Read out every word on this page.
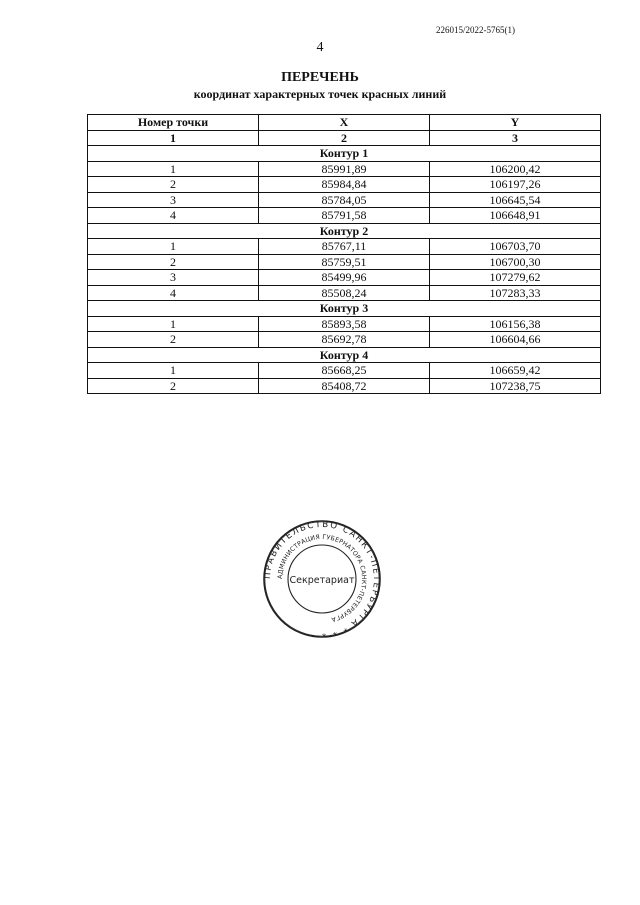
226015/2022-5765(1)
4
ПЕРЕЧЕНЬ
координат характерных точек красных линий
Номер точки	X	Y
1	2	3
Контур 1		
1	85991,89	106200,42
2	85984,84	106197,26
3	85784,05	106645,54
4	85791,58	106648,91
Контур 2		
1	85767,11	106703,70
2	85759,51	106700,30
3	85499,96	107279,62
4	85508,24	107283,33
Контур 3		
1	85893,58	106156,38
2	85692,78	106604,66
Контур 4		
1	85668,25	106659,42
2	85408,72	107238,75
ПРАВИТЕЛЬСТВО САНКТ-ПЕТЕРБУРГА * * *
АДМИНИСТРАЦИЯ ГУБЕРНАТОРА САНКТ-ПЕТЕРБУРГА
Секретариат
